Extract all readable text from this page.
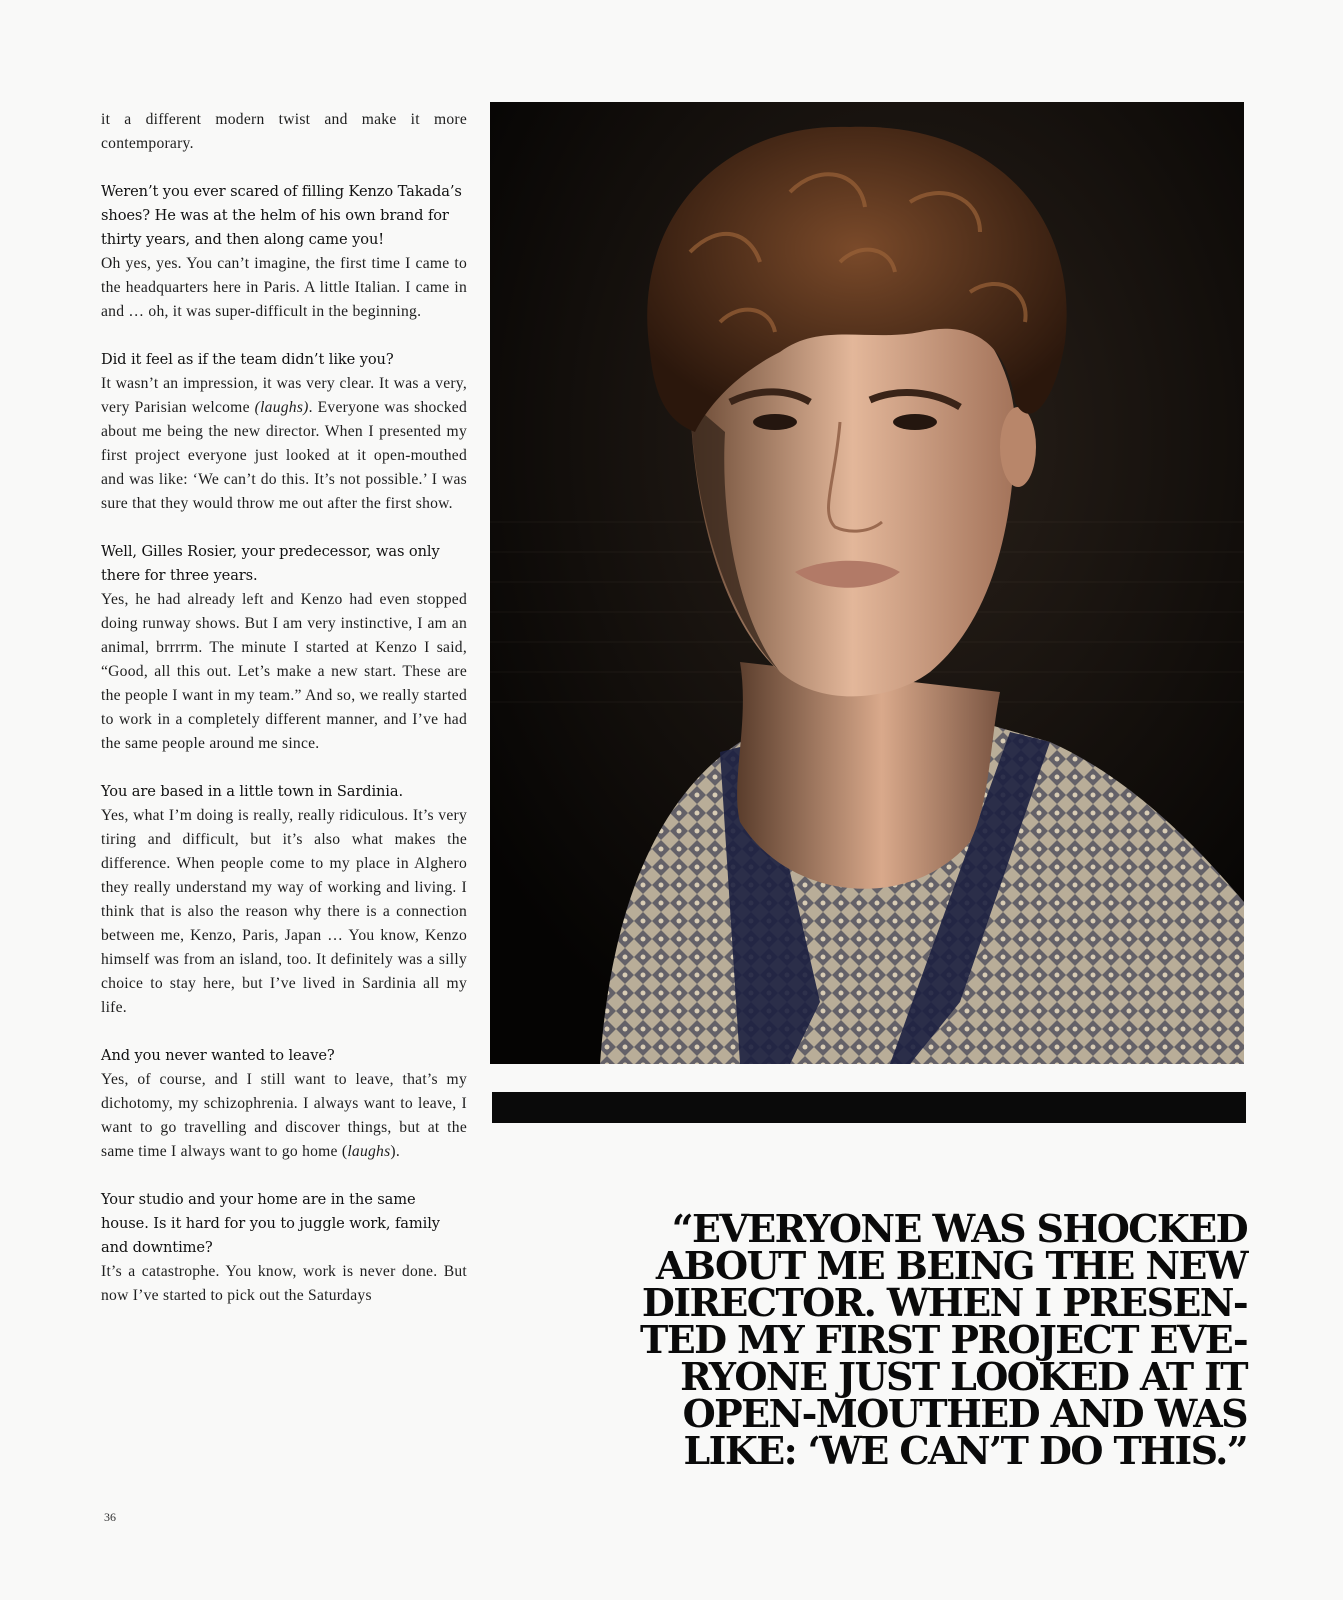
it a different modern twist and make it more contemporary.

Weren’t you ever scared of filling Kenzo Takada’s shoes? He was at the helm of his own brand for thirty years, and then along came you!

Oh yes, yes. You can’t imagine, the first time I came to the headquarters here in Paris. A little Italian. I came in and … oh, it was super-difficult in the beginning.

Did it feel as if the team didn’t like you?

It wasn’t an impression, it was very clear. It was a very, very Parisian welcome (laughs). Everyone was shocked about me being the new director. When I presented my first project everyone just looked at it open-mouthed and was like: ‘We can’t do this. It’s not possible.’ I was sure that they would throw me out after the first show.

Well, Gilles Rosier, your predecessor, was only there for three years.

Yes, he had already left and Kenzo had even stopped doing runway shows. But I am very instinctive, I am an animal, brrrrm. The minute I started at Kenzo I said, “Good, all this out. Let’s make a new start. These are the people I want in my team.” And so, we really started to work in a completely different manner, and I’ve had the same people around me since.

You are based in a little town in Sardinia.

Yes, what I’m doing is really, really ridiculous. It’s very tiring and difficult, but it’s also what makes the difference. When people come to my place in Alghero they really understand my way of working and living. I think that is also the reason why there is a connection between me, Kenzo, Paris, Japan … You know, Kenzo himself was from an island, too. It definitely was a silly choice to stay here, but I’ve lived in Sardinia all my life.

And you never wanted to leave?

Yes, of course, and I still want to leave, that’s my dichotomy, my schizophrenia. I always want to leave, I want to go travelling and discover things, but at the same time I always want to go home (laughs).

Your studio and your home are in the same house. Is it hard for you to juggle work, family and downtime?

It’s a catastrophe. You know, work is never done. But now I’ve started to pick out the Saturdays

36
“EVERYONE WAS SHOCKED
ABOUT ME BEING THE NEW
DIRECTOR. WHEN I PRESEN-
TED MY FIRST PROJECT EVE-
RYONE JUST LOOKED AT IT
OPEN-MOUTHED AND WAS
LIKE: ‘WE CAN’T DO THIS.”
